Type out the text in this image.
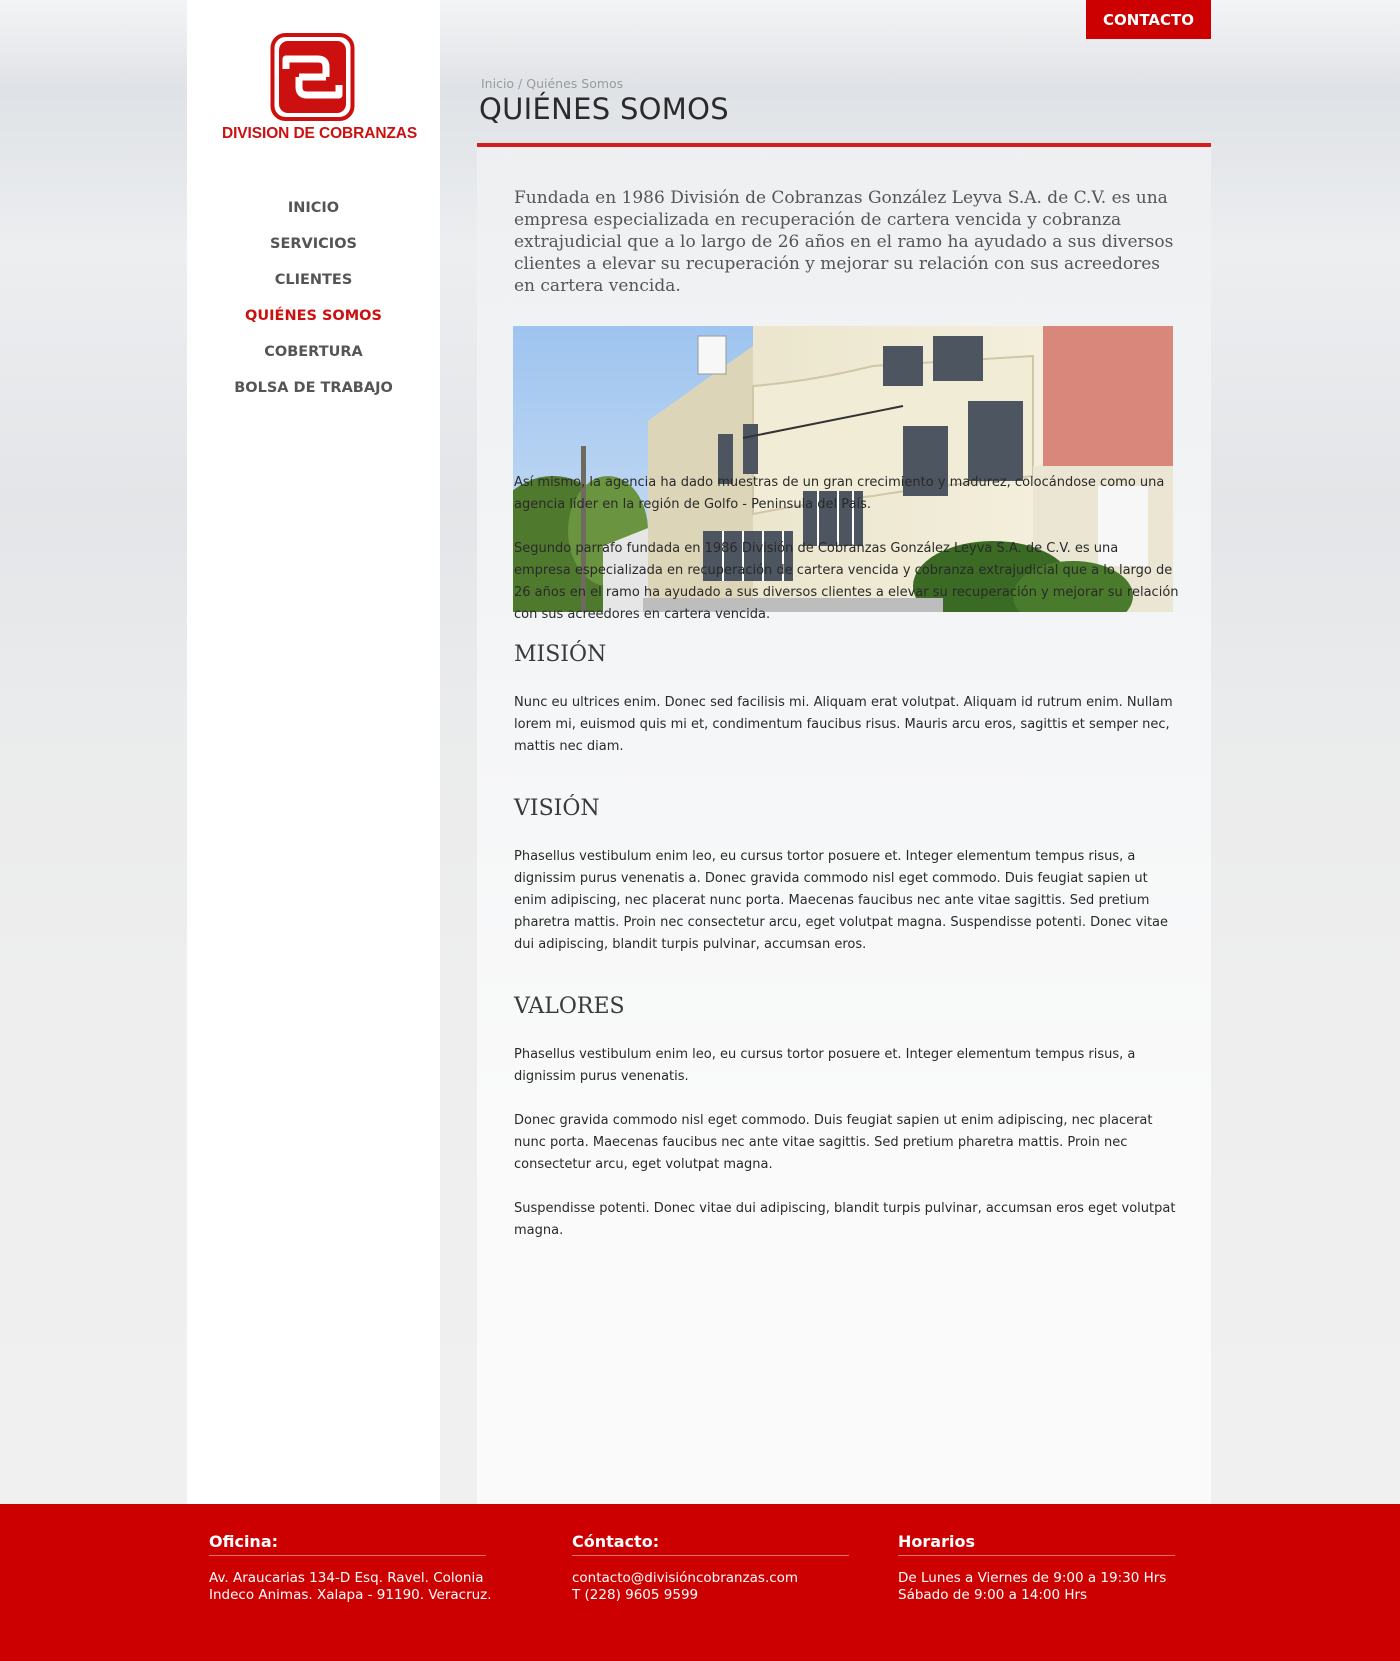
DIVISION DE COBRANZAS
INICIO
SERVICIOS
CLIENTES
QUIÉNES SOMOS
COBERTURA
BOLSA DE TRABAJO
CONTACTO
Inicio / Quiénes Somos
QUIÉNES SOMOS

Fundada en 1986 División de Cobranzas González Leyva S.A. de C.V. es una empresa especializada en recuperación de cartera vencida y cobranza extrajudicial que a lo largo de 26 años en el ramo ha ayudado a sus diversos clientes a elevar su recuperación y mejorar su relación con sus acreedores en cartera vencida.

Así mismo, la agencia ha dado muestras de un gran crecimiento y madurez, colocándose como una agencia líder en la región de Golfo - Peninsula del País.

Segundo parrafo fundada en 1986 División de Cobranzas González Leyva S.A. de C.V. es una empresa especializada en recuperación de cartera vencida y cobranza extrajudicial que a lo largo de 26 años en el ramo ha ayudado a sus diversos clientes a elevar su recuperación y mejorar su relación con sus acreedores en cartera vencida.

MISIÓN

Nunc eu ultrices enim. Donec sed facilisis mi. Aliquam erat volutpat. Aliquam id rutrum enim. Nullam lorem mi, euismod quis mi et, condimentum faucibus risus. Mauris arcu eros, sagittis et semper nec, mattis nec diam.

VISIÓN

Phasellus vestibulum enim leo, eu cursus tortor posuere et. Integer elementum tempus risus, a dignissim purus venenatis a. Donec gravida commodo nisl eget commodo. Duis feugiat sapien ut enim adipiscing, nec placerat nunc porta. Maecenas faucibus nec ante vitae sagittis. Sed pretium pharetra mattis. Proin nec consectetur arcu, eget volutpat magna. Suspendisse potenti. Donec vitae dui adipiscing, blandit turpis pulvinar, accumsan eros.

VALORES

Phasellus vestibulum enim leo, eu cursus tortor posuere et. Integer elementum tempus risus, a dignissim purus venenatis.

Donec gravida commodo nisl eget commodo. Duis feugiat sapien ut enim adipiscing, nec placerat nunc porta. Maecenas faucibus nec ante vitae sagittis. Sed pretium pharetra mattis. Proin nec consectetur arcu, eget volutpat magna.

Suspendisse potenti. Donec vitae dui adipiscing, blandit turpis pulvinar, accumsan eros eget volutpat magna.

Oficina:

Av. Araucarias 134-D Esq. Ravel. Colonia
Indeco Animas. Xalapa - 91190. Veracruz.

Cóntacto:

contacto@divisióncobranzas.com
T (228) 9605 9599

Horarios

De Lunes a Viernes de 9:00 a 19:30 Hrs
Sábado de 9:00 a 14:00 Hrs
